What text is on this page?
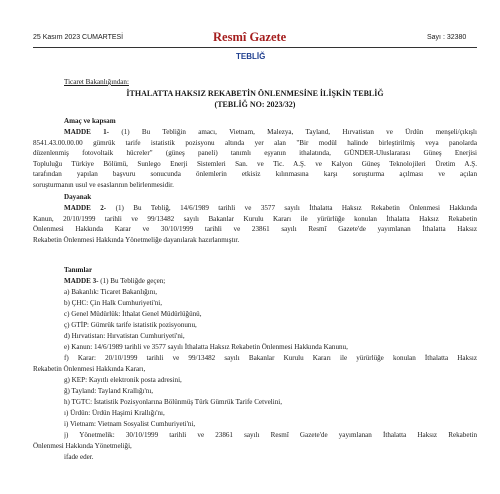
25 Kasım 2023 CUMARTESİ	Resmî Gazete	Sayı : 32380
TEBLİĞ
Ticaret Bakanlığından:
İTHALATTA HAKSIZ REKABETİN ÖNLENMESİNE İLİŞKİN TEBLİĞ
(TEBLİĞ NO: 2023/32)
Amaç ve kapsam
MADDE 1- (1) Bu Tebliğin amacı, Vietnam, Malezya, Tayland, Hırvatistan ve Ürdün menşeli/çıkışlı
8541.43.00.00.00 gümrük tarife istatistik pozisyonu altında yer alan "Bir modül halinde birleştirilmiş veya panolarda
düzenlenmiş fotovoltaik hücreler" (güneş paneli) tanımlı eşyanın ithalatında, GÜNDER-Uluslararası Güneş Enerjisi
Topluluğu Türkiye Bölümü, Sunlego Enerji Sistemleri San. ve Tic. A.Ş. ve Kalyon Güneş Teknolojileri Üretim A.Ş.
tarafından yapılan başvuru sonucunda önlemlerin etkisiz kılınmasına karşı soruşturma açılması ve açılan
soruşturmanın usul ve esaslarının belirlenmesidir.
Dayanak
MADDE 2- (1) Bu Tebliğ, 14/6/1989 tarihli ve 3577 sayılı İthalatta Haksız Rekabetin Önlenmesi Hakkında
Kanun, 20/10/1999 tarihli ve 99/13482 sayılı Bakanlar Kurulu Kararı ile yürürlüğe konulan İthalatta Haksız Rekabetin
Önlenmesi Hakkında Karar ve 30/10/1999 tarihli ve 23861 sayılı Resmî Gazete'de yayımlanan İthalatta Haksız
Rekabetin Önlenmesi Hakkında Yönetmeliğe dayanılarak hazırlanmıştır.
Tanımlar
MADDE 3- (1) Bu Tebliğde geçen;
a) Bakanlık: Ticaret Bakanlığını,
b) ÇHC: Çin Halk Cumhuriyeti'ni,
c) Genel Müdürlük: İthalat Genel Müdürlüğünü,
ç) GTİP: Gümrük tarife istatistik pozisyonunu,
d) Hırvatistan: Hırvatistan Cumhuriyeti'ni,
e) Kanun: 14/6/1989 tarihli ve 3577 sayılı İthalatta Haksız Rekabetin Önlenmesi Hakkında Kanunu,
f) Karar: 20/10/1999 tarihli ve 99/13482 sayılı Bakanlar Kurulu Kararı ile yürürlüğe konulan İthalatta Haksız
Rekabetin Önlenmesi Hakkında Kararı,
g) KEP: Kayıtlı elektronik posta adresini,
ğ) Tayland: Tayland Krallığı'nı,
h) TGTC: İstatistik Pozisyonlarına Bölünmüş Türk Gümrük Tarife Cetvelini,
ı) Ürdün: Ürdün Haşimi Krallığı'nı,
i) Vietnam: Vietnam Sosyalist Cumhuriyeti'ni,
j) Yönetmelik: 30/10/1999 tarihli ve 23861 sayılı Resmî Gazete'de yayımlanan İthalatta Haksız Rekabetin
Önlenmesi Hakkında Yönetmeliği,
ifade eder.
